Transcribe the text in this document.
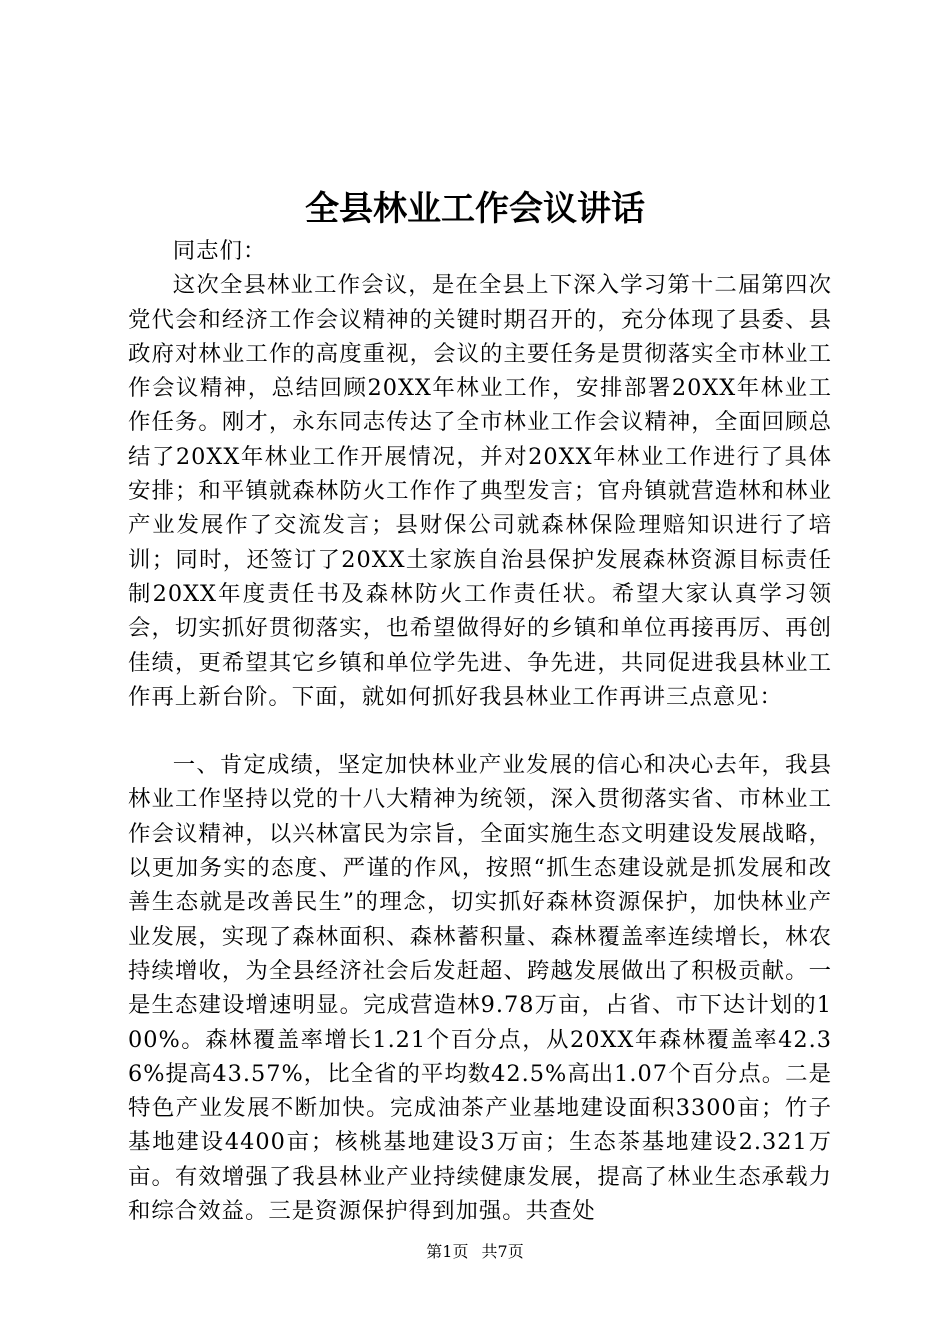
全县林业工作会议讲话

同志们：

这次全县林业工作会议，是在全县上下深入学习第十二届第四次党代会和经济工作会议精神的关键时期召开的，充分体现了县委、县政府对林业工作的高度重视，会议的主要任务是贯彻落实全市林业工作会议精神，总结回顾20XX年林业工作，安排部署20XX年林业工作任务。刚才，永东同志传达了全市林业工作会议精神，全面回顾总结了20XX年林业工作开展情况，并对20XX年林业工作进行了具体安排；和平镇就森林防火工作作了典型发言；官舟镇就营造林和林业产业发展作了交流发言；县财保公司就森林保险理赔知识进行了培训；同时，还签订了20XX土家族自治县保护发展森林资源目标责任制20XX年度责任书及森林防火工作责任状。希望大家认真学习领会，切实抓好贯彻落实，也希望做得好的乡镇和单位再接再厉、再创佳绩，更希望其它乡镇和单位学先进、争先进，共同促进我县林业工作再上新台阶。下面，就如何抓好我县林业工作再讲三点意见：

一、肯定成绩，坚定加快林业产业发展的信心和决心去年，我县林业工作坚持以党的十八大精神为统领，深入贯彻落实省、市林业工作会议精神，以兴林富民为宗旨，全面实施生态文明建设发展战略，以更加务实的态度、严谨的作风，按照“抓生态建设就是抓发展和改善生态就是改善民生”的理念，切实抓好森林资源保护，加快林业产业发展，实现了森林面积、森林蓄积量、森林覆盖率连续增长，林农持续增收，为全县经济社会后发赶超、跨越发展做出了积极贡献。一是生态建设增速明显。完成营造林9.78万亩，占省、市下达计划的100%。森林覆盖率增长1.21个百分点，从20XX年森林覆盖率42.36%提高43.57%，比全省的平均数42.5%高出1.07个百分点。二是特色产业发展不断加快。完成油茶产业基地建设面积3300亩；竹子基地建设4400亩；核桃基地建设3万亩；生态茶基地建设2.321万亩。有效增强了我县林业产业持续健康发展，提高了林业生态承载力和综合效益。三是资源保护得到加强。共查处

第1页 共7页
